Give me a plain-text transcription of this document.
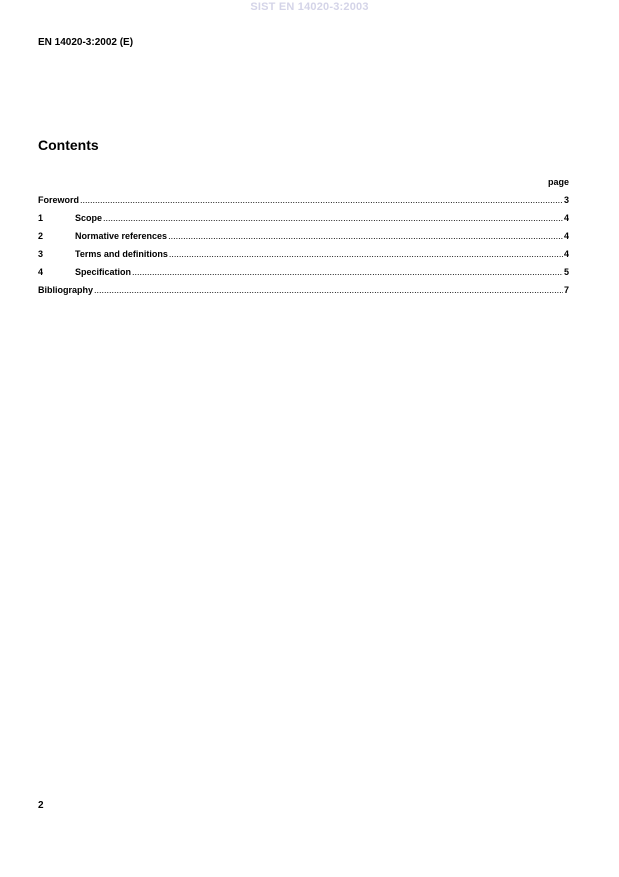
SIST EN 14020-3:2003
EN 14020-3:2002 (E)
Contents
page
Foreword .....	3
1	Scope .....	4
2	Normative references .....	4
3	Terms and definitions .....	4
4	Specification .....	5
Bibliography .....	7
2
